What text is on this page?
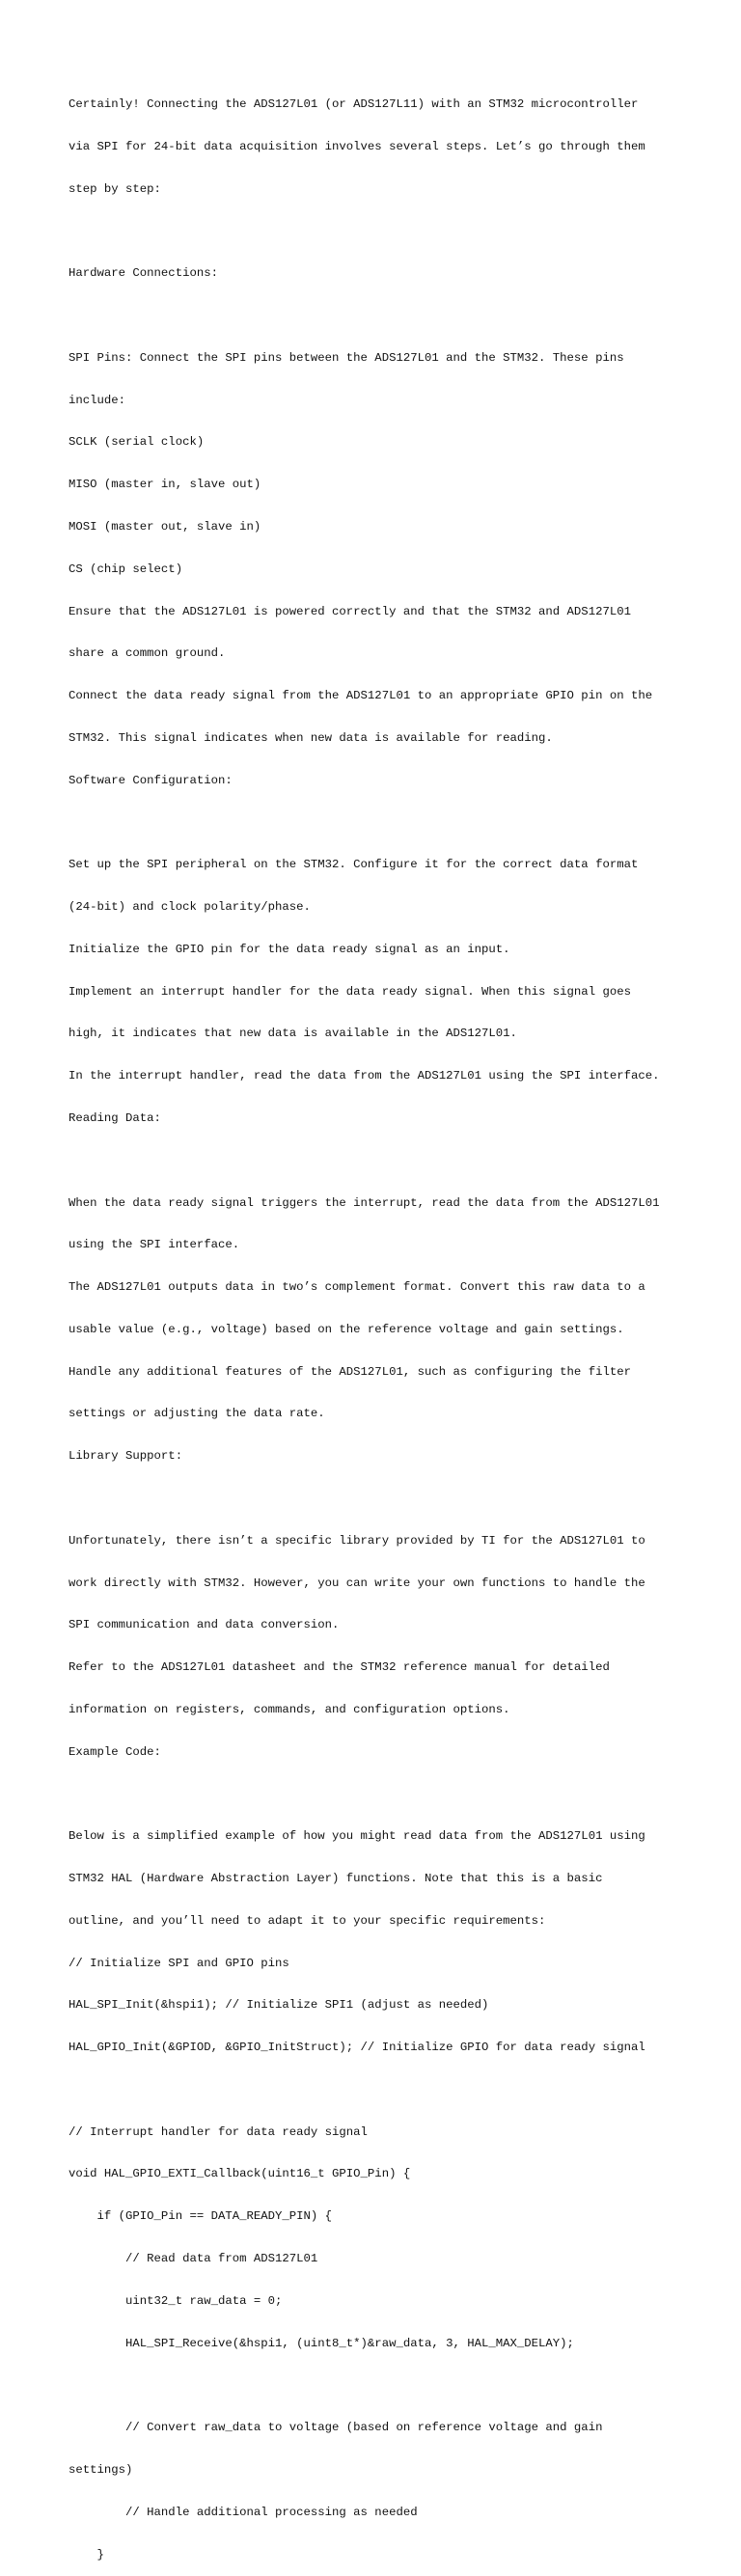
Certainly! Connecting the ADS127L01 (or ADS127L11) with an STM32 microcontroller

via SPI for 24-bit data acquisition involves several steps. Let’s go through them

step by step:

Hardware Connections:

SPI Pins: Connect the SPI pins between the ADS127L01 and the STM32. These pins

include:

SCLK (serial clock)

MISO (master in, slave out)

MOSI (master out, slave in)

CS (chip select)

Ensure that the ADS127L01 is powered correctly and that the STM32 and ADS127L01

share a common ground.

Connect the data ready signal from the ADS127L01 to an appropriate GPIO pin on the

STM32. This signal indicates when new data is available for reading.

Software Configuration:

Set up the SPI peripheral on the STM32. Configure it for the correct data format

(24-bit) and clock polarity/phase.

Initialize the GPIO pin for the data ready signal as an input.

Implement an interrupt handler for the data ready signal. When this signal goes

high, it indicates that new data is available in the ADS127L01.

In the interrupt handler, read the data from the ADS127L01 using the SPI interface.

Reading Data:

When the data ready signal triggers the interrupt, read the data from the ADS127L01

using the SPI interface.

The ADS127L01 outputs data in two’s complement format. Convert this raw data to a

usable value (e.g., voltage) based on the reference voltage and gain settings.

Handle any additional features of the ADS127L01, such as configuring the filter

settings or adjusting the data rate.

Library Support:

Unfortunately, there isn’t a specific library provided by TI for the ADS127L01 to

work directly with STM32. However, you can write your own functions to handle the

SPI communication and data conversion.

Refer to the ADS127L01 datasheet and the STM32 reference manual for detailed

information on registers, commands, and configuration options.

Example Code:

Below is a simplified example of how you might read data from the ADS127L01 using

STM32 HAL (Hardware Abstraction Layer) functions. Note that this is a basic

outline, and you’ll need to adapt it to your specific requirements:

// Initialize SPI and GPIO pins

HAL_SPI_Init(&hspi1); // Initialize SPI1 (adjust as needed)

HAL_GPIO_Init(&GPIOD, &GPIO_InitStruct); // Initialize GPIO for data ready signal

// Interrupt handler for data ready signal

void HAL_GPIO_EXTI_Callback(uint16_t GPIO_Pin) {

if (GPIO_Pin == DATA_READY_PIN) {

// Read data from ADS127L01

uint32_t raw_data = 0;

HAL_SPI_Receive(&hspi1, (uint8_t*)&raw_data, 3, HAL_MAX_DELAY);

// Convert raw_data to voltage (based on reference voltage and gain

settings)

// Handle additional processing as needed

}
